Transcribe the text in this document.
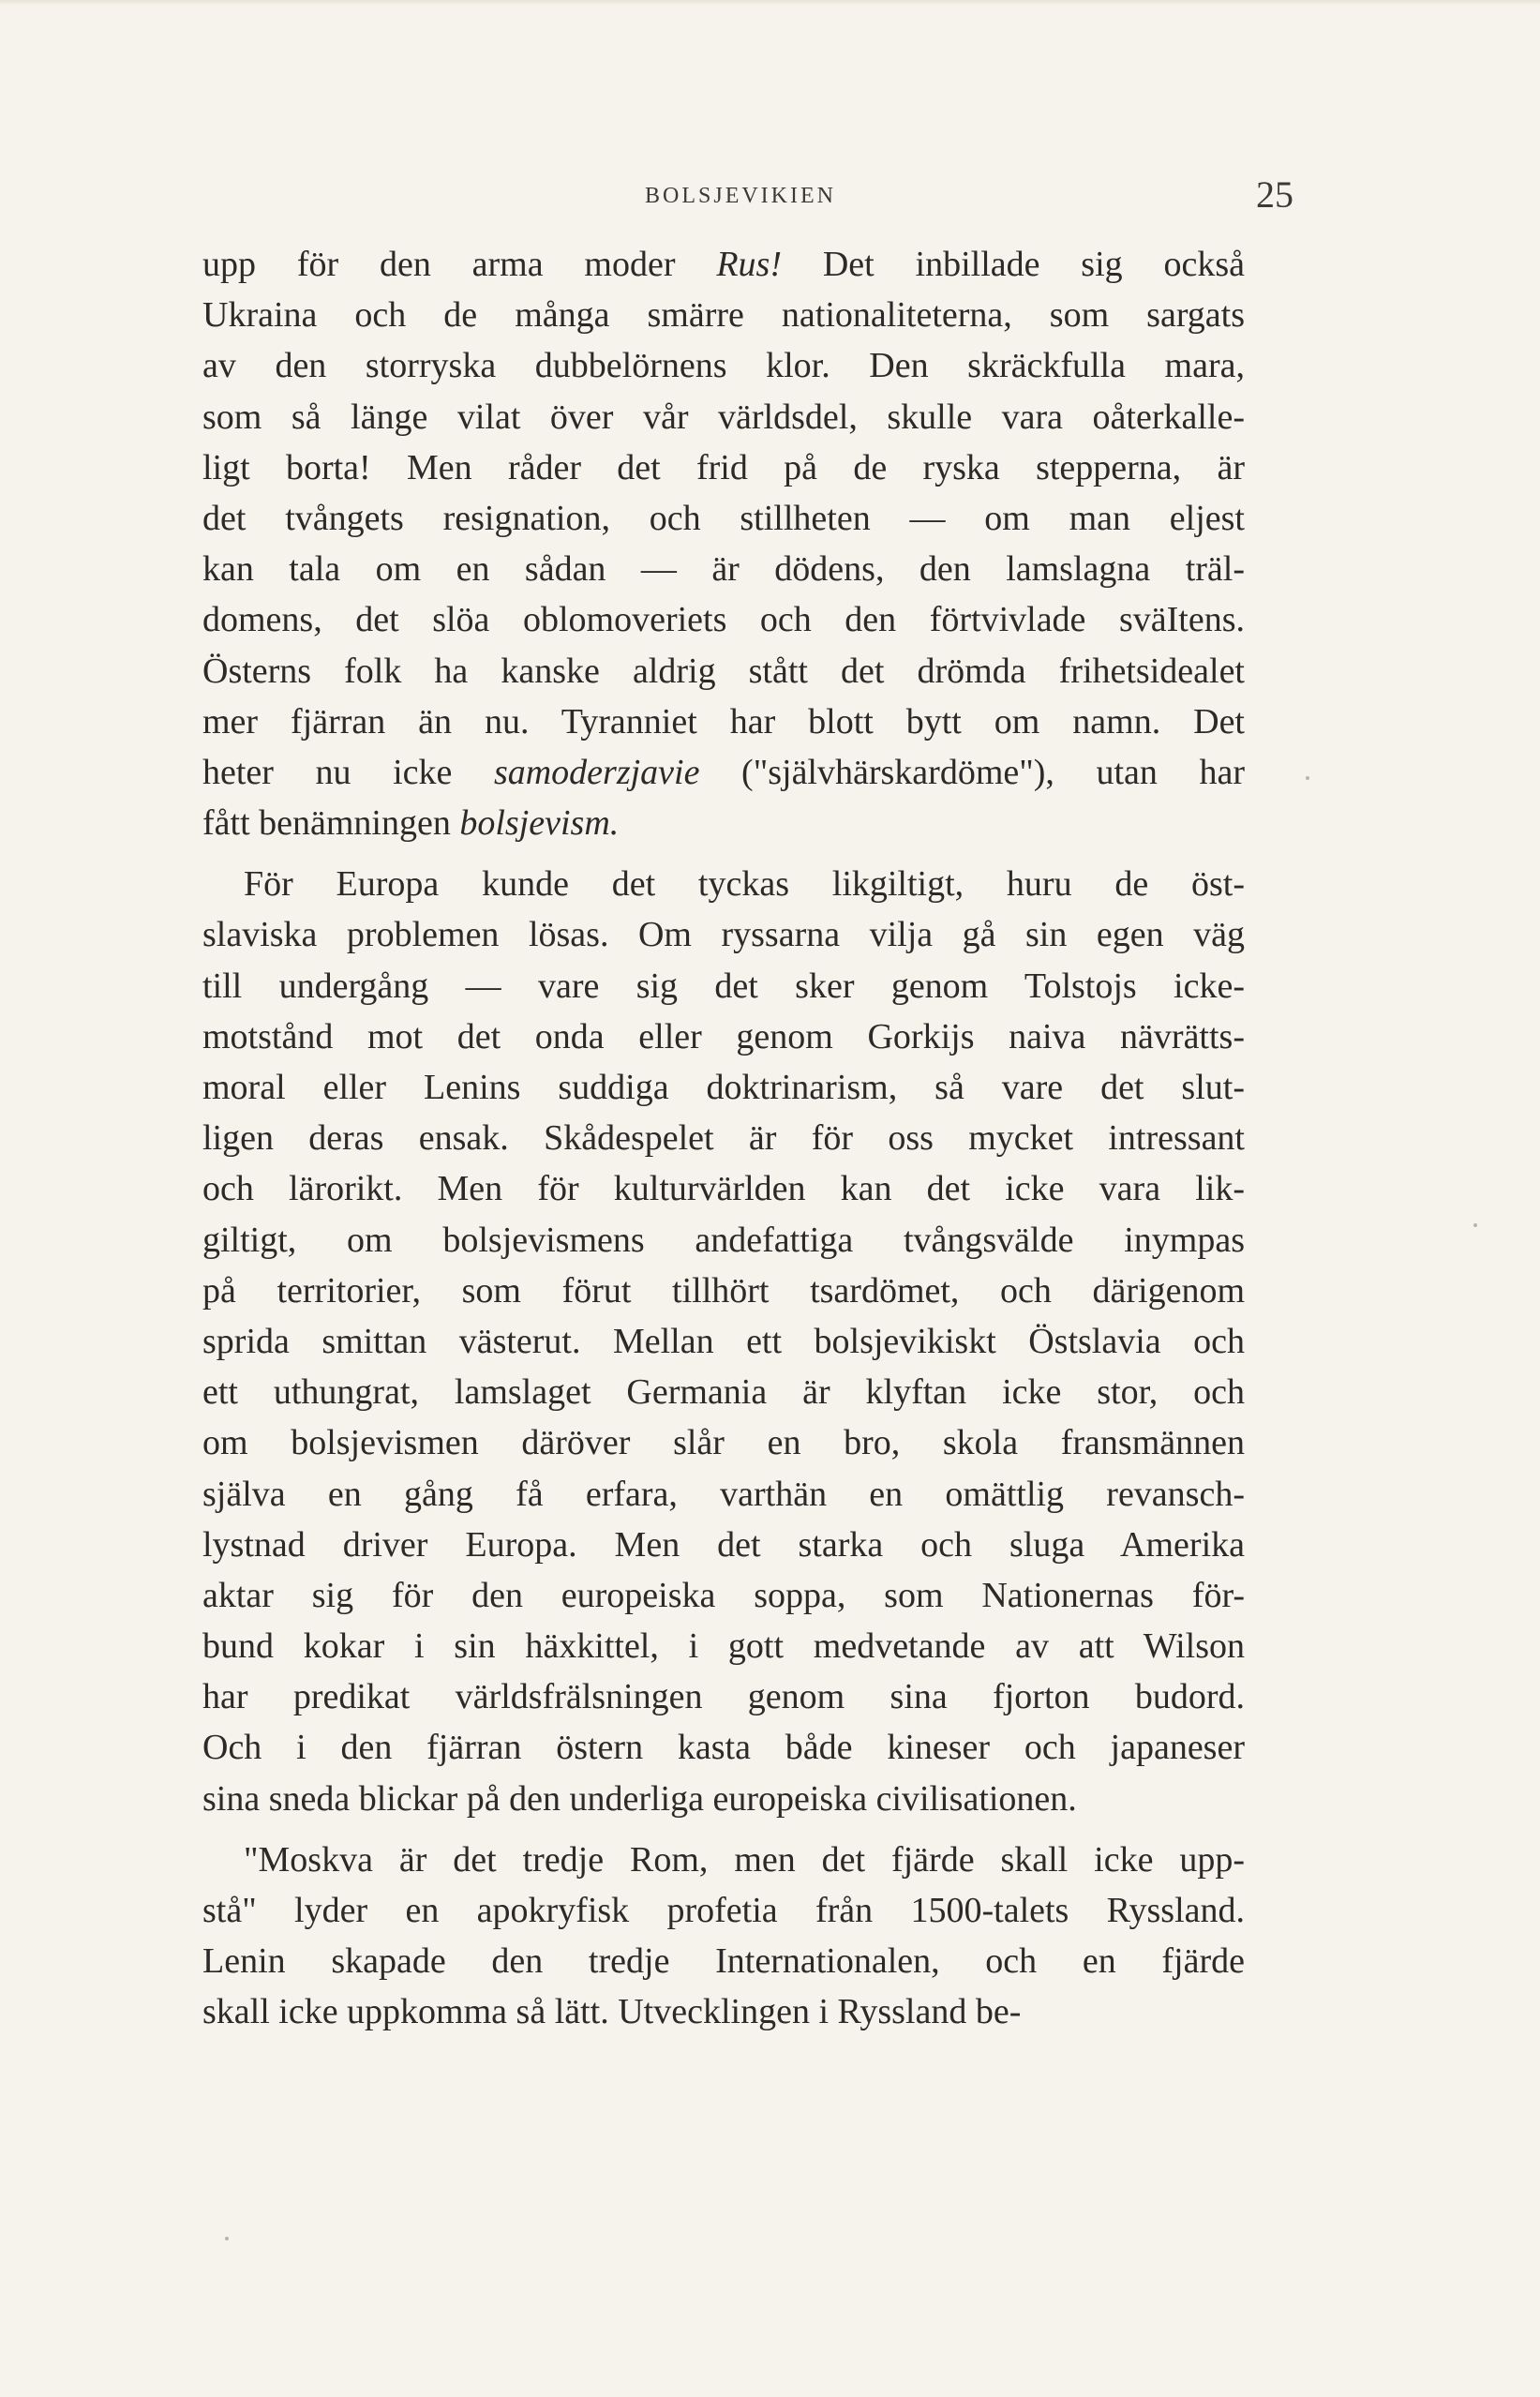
BOLSJEVIKIEN	25
upp för den arma moder Rus! Det inbillade sig också
Ukraina och de många smärre nationaliteterna, som sargats
av den storryska dubbelörnens klor. Den skräckfulla mara,
som så länge vilat över vår världsdel, skulle vara oåterkalle-
ligt borta! Men råder det frid på de ryska stepperna, är
det tvångets resignation, och stillheten — om man eljest
kan tala om en sådan — är dödens, den lamslagna träl-
domens, det slöa oblomoveriets och den förtvivlade sväItens.
Österns folk ha kanske aldrig stått det drömda frihetsidealet
mer fjärran än nu. Tyranniet har blott bytt om namn. Det
heter nu icke samoderzjavie ("självhärskardöme"), utan har
fått benämningen bolsjevism.
För Europa kunde det tyckas likgiltigt, huru de öst-
slaviska problemen lösas. Om ryssarna vilja gå sin egen väg
till undergång — vare sig det sker genom Tolstojs icke-
motstånd mot det onda eller genom Gorkijs naiva nävrätts-
moral eller Lenins suddiga doktrinarism, så vare det slut-
ligen deras ensak. Skådespelet är för oss mycket intressant
och lärorikt. Men för kulturvärlden kan det icke vara lik-
giltigt, om bolsjevismens andefattiga tvångsvälde inympas
på territorier, som förut tillhört tsardömet, och därigenom
sprida smittan västerut. Mellan ett bolsjevikiskt Östslavia och
ett uthungrat, lamslaget Germania är klyftan icke stor, och
om bolsjevismen däröver slår en bro, skola fransmännen
själva en gång få erfara, varthän en omättlig revansch-
lystnad driver Europa. Men det starka och sluga Amerika
aktar sig för den europeiska soppa, som Nationernas för-
bund kokar i sin häxkittel, i gott medvetande av att Wilson
har predikat världsfrälsningen genom sina fjorton budord.
Och i den fjärran östern kasta både kineser och japaneser
sina sneda blickar på den underliga europeiska civilisationen.
"Moskva är det tredje Rom, men det fjärde skall icke upp-
stå" lyder en apokryfisk profetia från 1500-talets Ryssland.
Lenin skapade den tredje Internationalen, och en fjärde
skall icke uppkomma så lätt. Utvecklingen i Ryssland be-
